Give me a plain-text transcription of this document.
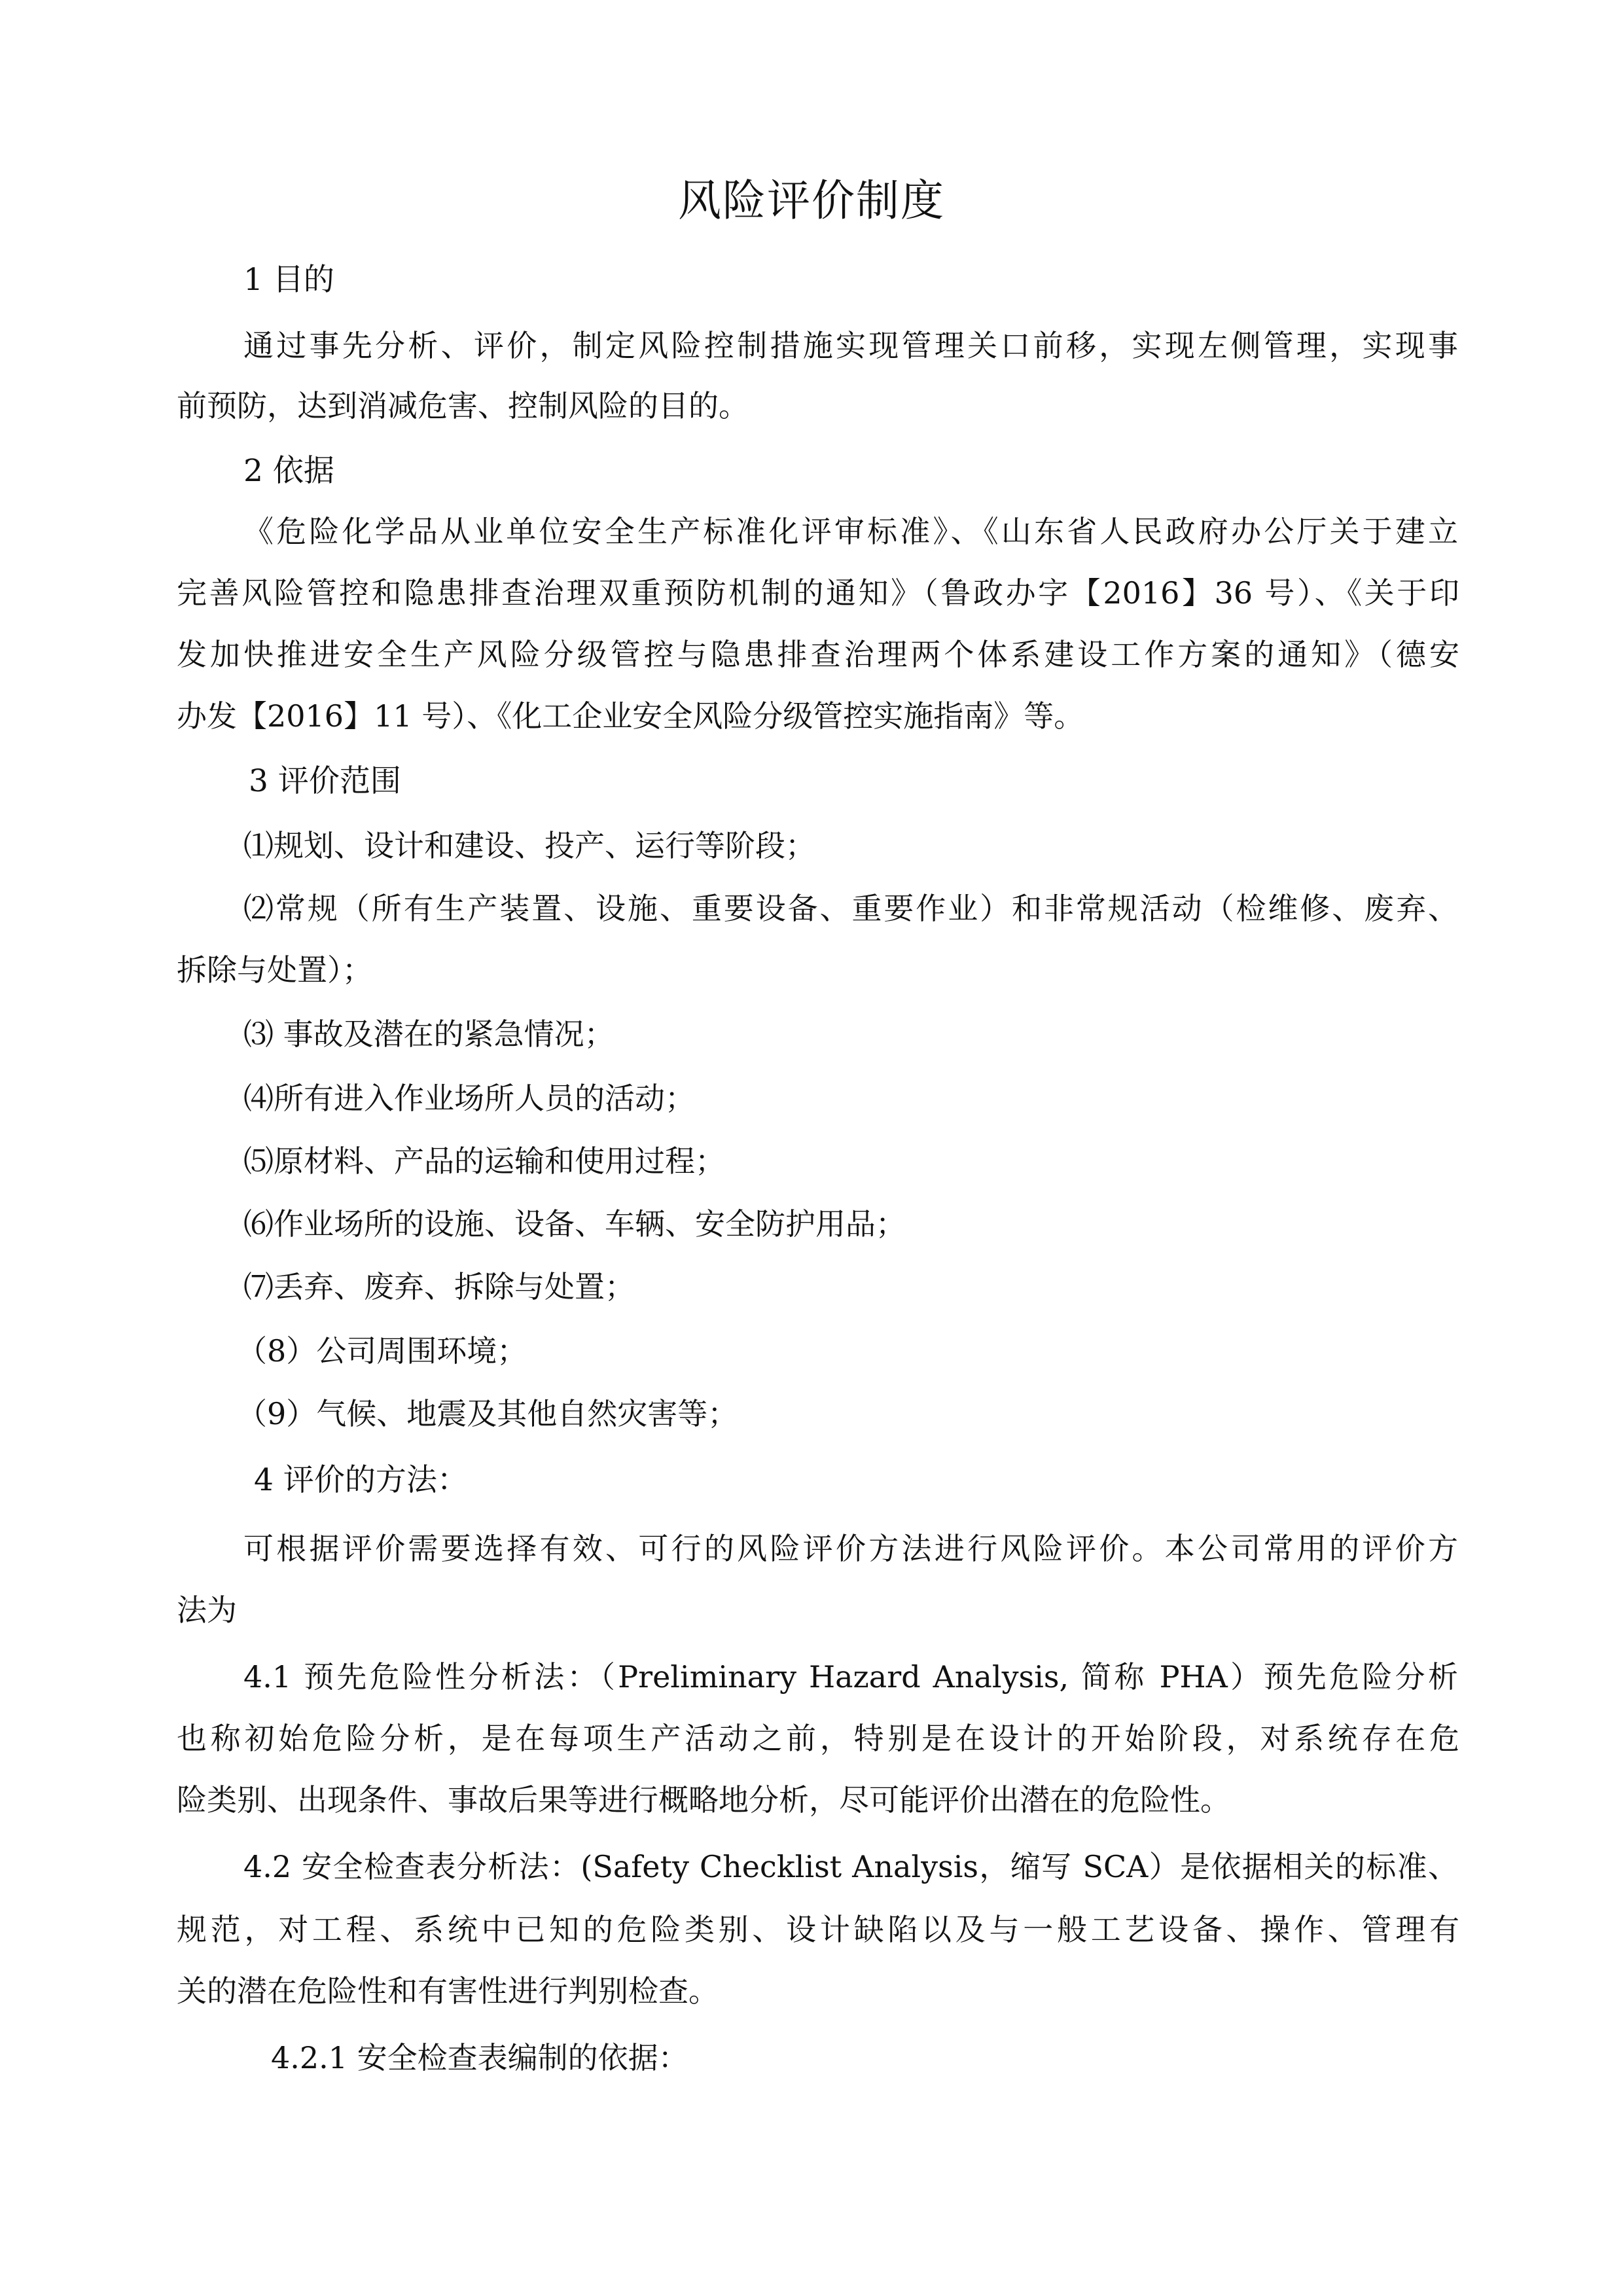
风险评价制度

1 目的

通过事先分析、评价，制定风险控制措施实现管理关口前移，实现左侧管理，实现事

前预防，达到消减危害、控制风险的目的。

2 依据

《危险化学品从业单位安全生产标准化评审标准》、《山东省人民政府办公厅关于建立

完善风险管控和隐患排查治理双重预防机制的通知》（鲁政办字【2016】36 号）、《关于印

发加快推进安全生产风险分级管控与隐患排查治理两个体系建设工作方案的通知》（德安

办发【2016】11 号）、《化工企业安全风险分级管控实施指南》等。

3 评价范围

⑴规划、设计和建设、投产、运行等阶段；

⑵常规（所有生产装置、设施、重要设备、重要作业）和非常规活动（检维修、废弃、

拆除与处置）；

⑶ 事故及潜在的紧急情况；

⑷所有进入作业场所人员的活动；

⑸原材料、产品的运输和使用过程；

⑹作业场所的设施、设备、车辆、安全防护用品；

⑺丢弃、废弃、拆除与处置；

（8）公司周围环境；

（9）气候、地震及其他自然灾害等；

4 评价的方法：

可根据评价需要选择有效、可行的风险评价方法进行风险评价。本公司常用的评价方

法为

4.1 预先危险性分析法：（Preliminary Hazard Analysis, 简称 PHA）预先危险分析

也称初始危险分析，是在每项生产活动之前，特别是在设计的开始阶段，对系统存在危

险类别、出现条件、事故后果等进行概略地分析，尽可能评价出潜在的危险性。

4.2 安全检查表分析法：(Safety Checklist Analysis，缩写 SCA）是依据相关的标准、

规范，对工程、系统中已知的危险类别、设计缺陷以及与一般工艺设备、操作、管理有

关的潜在危险性和有害性进行判别检查。

4.2.1 安全检查表编制的依据：
